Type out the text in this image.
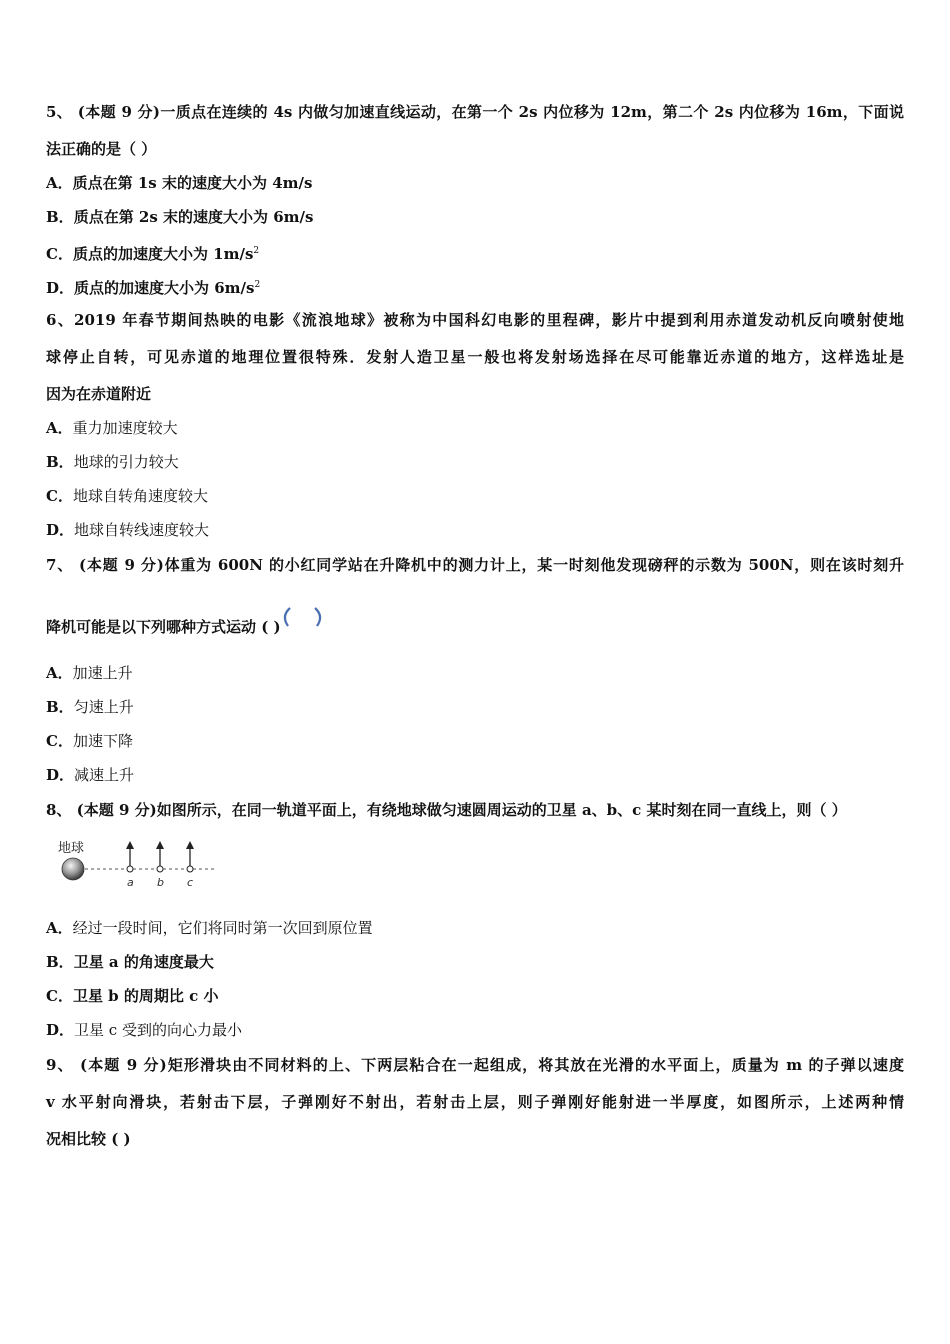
5、 (本题 9 分)一质点在连续的 4s 内做匀加速直线运动，在第一个 2s 内位移为 12m，第二个 2s 内位移为 16m，下面说
法正确的是（ ）
A．质点在第 1s 末的速度大小为 4m/s
B．质点在第 2s 末的速度大小为 6m/s
C．质点的加速度大小为 $1m/s^2$
D．质点的加速度大小为 $6m/s^2$
6、2019 年春节期间热映的电影《流浪地球》被称为中国科幻电影的里程碑，影片中提到利用赤道发动机反向喷射使地
球停止自转，可见赤道的地理位置很特殊．发射人造卫星一般也将发射场选择在尽可能靠近赤道的地方，这样选址是
因为在赤道附近
A．重力加速度较大
B．地球的引力较大
C．地球自转角速度较大
D．地球自转线速度较大
7、 (本题 9 分)体重为 600N 的小红同学站在升降机中的测力计上，某一时刻他发现磅秤的示数为 500N，则在该时刻升
降机可能是以下列哪种方式运动 ( )
A．加速上升
B．匀速上升
C．加速下降
D．减速上升
8、 (本题 9 分)如图所示，在同一轨道平面上，有绕地球做匀速圆周运动的卫星 a、b、c 某时刻在同一直线上，则（ ）
地球
a b c
A．经过一段时间，它们将同时第一次回到原位置
B．卫星 a 的角速度最大
C．卫星 b 的周期比 c 小
D．卫星 c 受到的向心力最小
9、 (本题 9 分)矩形滑块由不同材料的上、下两层粘合在一起组成，将其放在光滑的水平面上，质量为 m 的子弹以速度
v 水平射向滑块，若射击下层，子弹刚好不射出，若射击上层，则子弹刚好能射进一半厚度，如图所示，上述两种情
况相比较 ( )
